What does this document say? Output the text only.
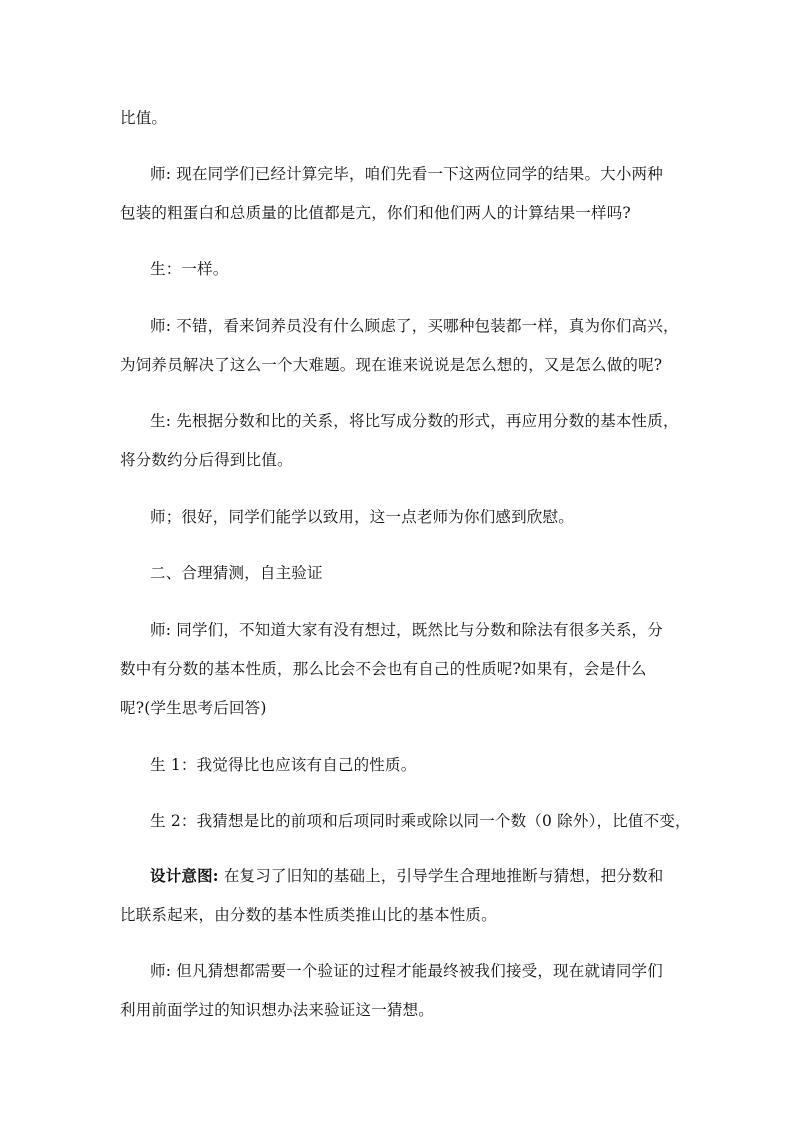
比值。
师: 现在同学们已经计算完毕，咱们先看一下这两位同学的结果。大小两种
包装的粗蛋白和总质量的比值都是亢，你们和他们两人的计算结果一样吗?
生：一样。
师: 不错，看来饲养员没有什么顾虑了，买哪种包装都一样，真为你们高兴，
为饲养员解决了这么一个大难题。现在谁来说说是怎么想的，又是怎么做的呢?
生: 先根据分数和比的关系，将比写成分数的形式，再应用分数的基本性质，
将分数约分后得到比值。
师；很好，同学们能学以致用，这一点老师为你们感到欣慰。
二、合理猜测，自主验证
师: 同学们，不知道大家有没有想过，既然比与分数和除法有很多关系，分
数中有分数的基本性质，那么比会不会也有自己的性质呢?如果有，会是什么
呢?(学生思考后回答)
生 1：我觉得比也应该有自己的性质。
生 2：我猜想是比的前项和后项同时乘或除以同一个数（0 除外），比值不变，
设计意图: 在复习了旧知的基础上，引导学生合理地推断与猜想，把分数和
比联系起来，由分数的基本性质类推山比的基本性质。
师: 但凡猜想都需要一个验证的过程才能最终被我们接受，现在就请同学们
利用前面学过的知识想办法来验证这一猜想。
